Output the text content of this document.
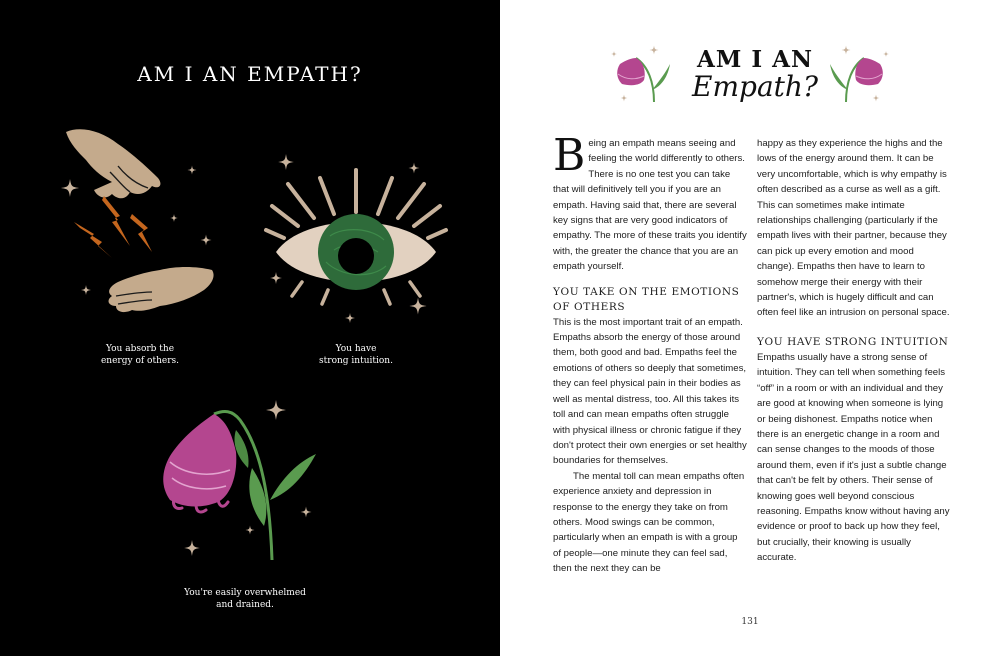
AM I AN EMPATH?
You absorb the
energy of others.
You have
strong intuition.
You're easily overwhelmed
and drained.
AM I AN
Empath?

Being an empath means seeing and feeling the world differently to others. There is no one test you can take that will definitively tell you if you are an empath. Having said that, there are several key signs that are very good indicators of empathy. The more of these traits you identify with, the greater the chance that you are an empath yourself.

YOU TAKE ON THE EMOTIONS OF OTHERS

This is the most important trait of an empath. Empaths absorb the energy of those around them, both good and bad. Empaths feel the emotions of others so deeply that sometimes, they can feel physical pain in their bodies as well as mental distress, too. All this takes its toll and can mean empaths often struggle with physical illness or chronic fatigue if they don't protect their own energies or set healthy boundaries for themselves.

The mental toll can mean empaths often experience anxiety and depression in response to the energy they take on from others. Mood swings can be common, particularly when an empath is with a group of people—one minute they can feel sad, then the next they can be

happy as they experience the highs and the lows of the energy around them. It can be very uncomfortable, which is why empathy is often described as a curse as well as a gift. This can sometimes make intimate relationships challenging (particularly if the empath lives with their partner, because they can pick up every emotion and mood change). Empaths then have to learn to somehow merge their energy with their partner's, which is hugely difficult and can often feel like an intrusion on personal space.

YOU HAVE STRONG INTUITION

Empaths usually have a strong sense of intuition. They can tell when something feels “off” in a room or with an individual and they are good at knowing when someone is lying or being dishonest. Empaths notice when there is an energetic change in a room and can sense changes to the moods of those around them, even if it's just a subtle change that can't be felt by others. Their sense of knowing goes well beyond conscious reasoning. Empaths know without having any evidence or proof to back up how they feel, but crucially, their knowing is usually accurate.

131
